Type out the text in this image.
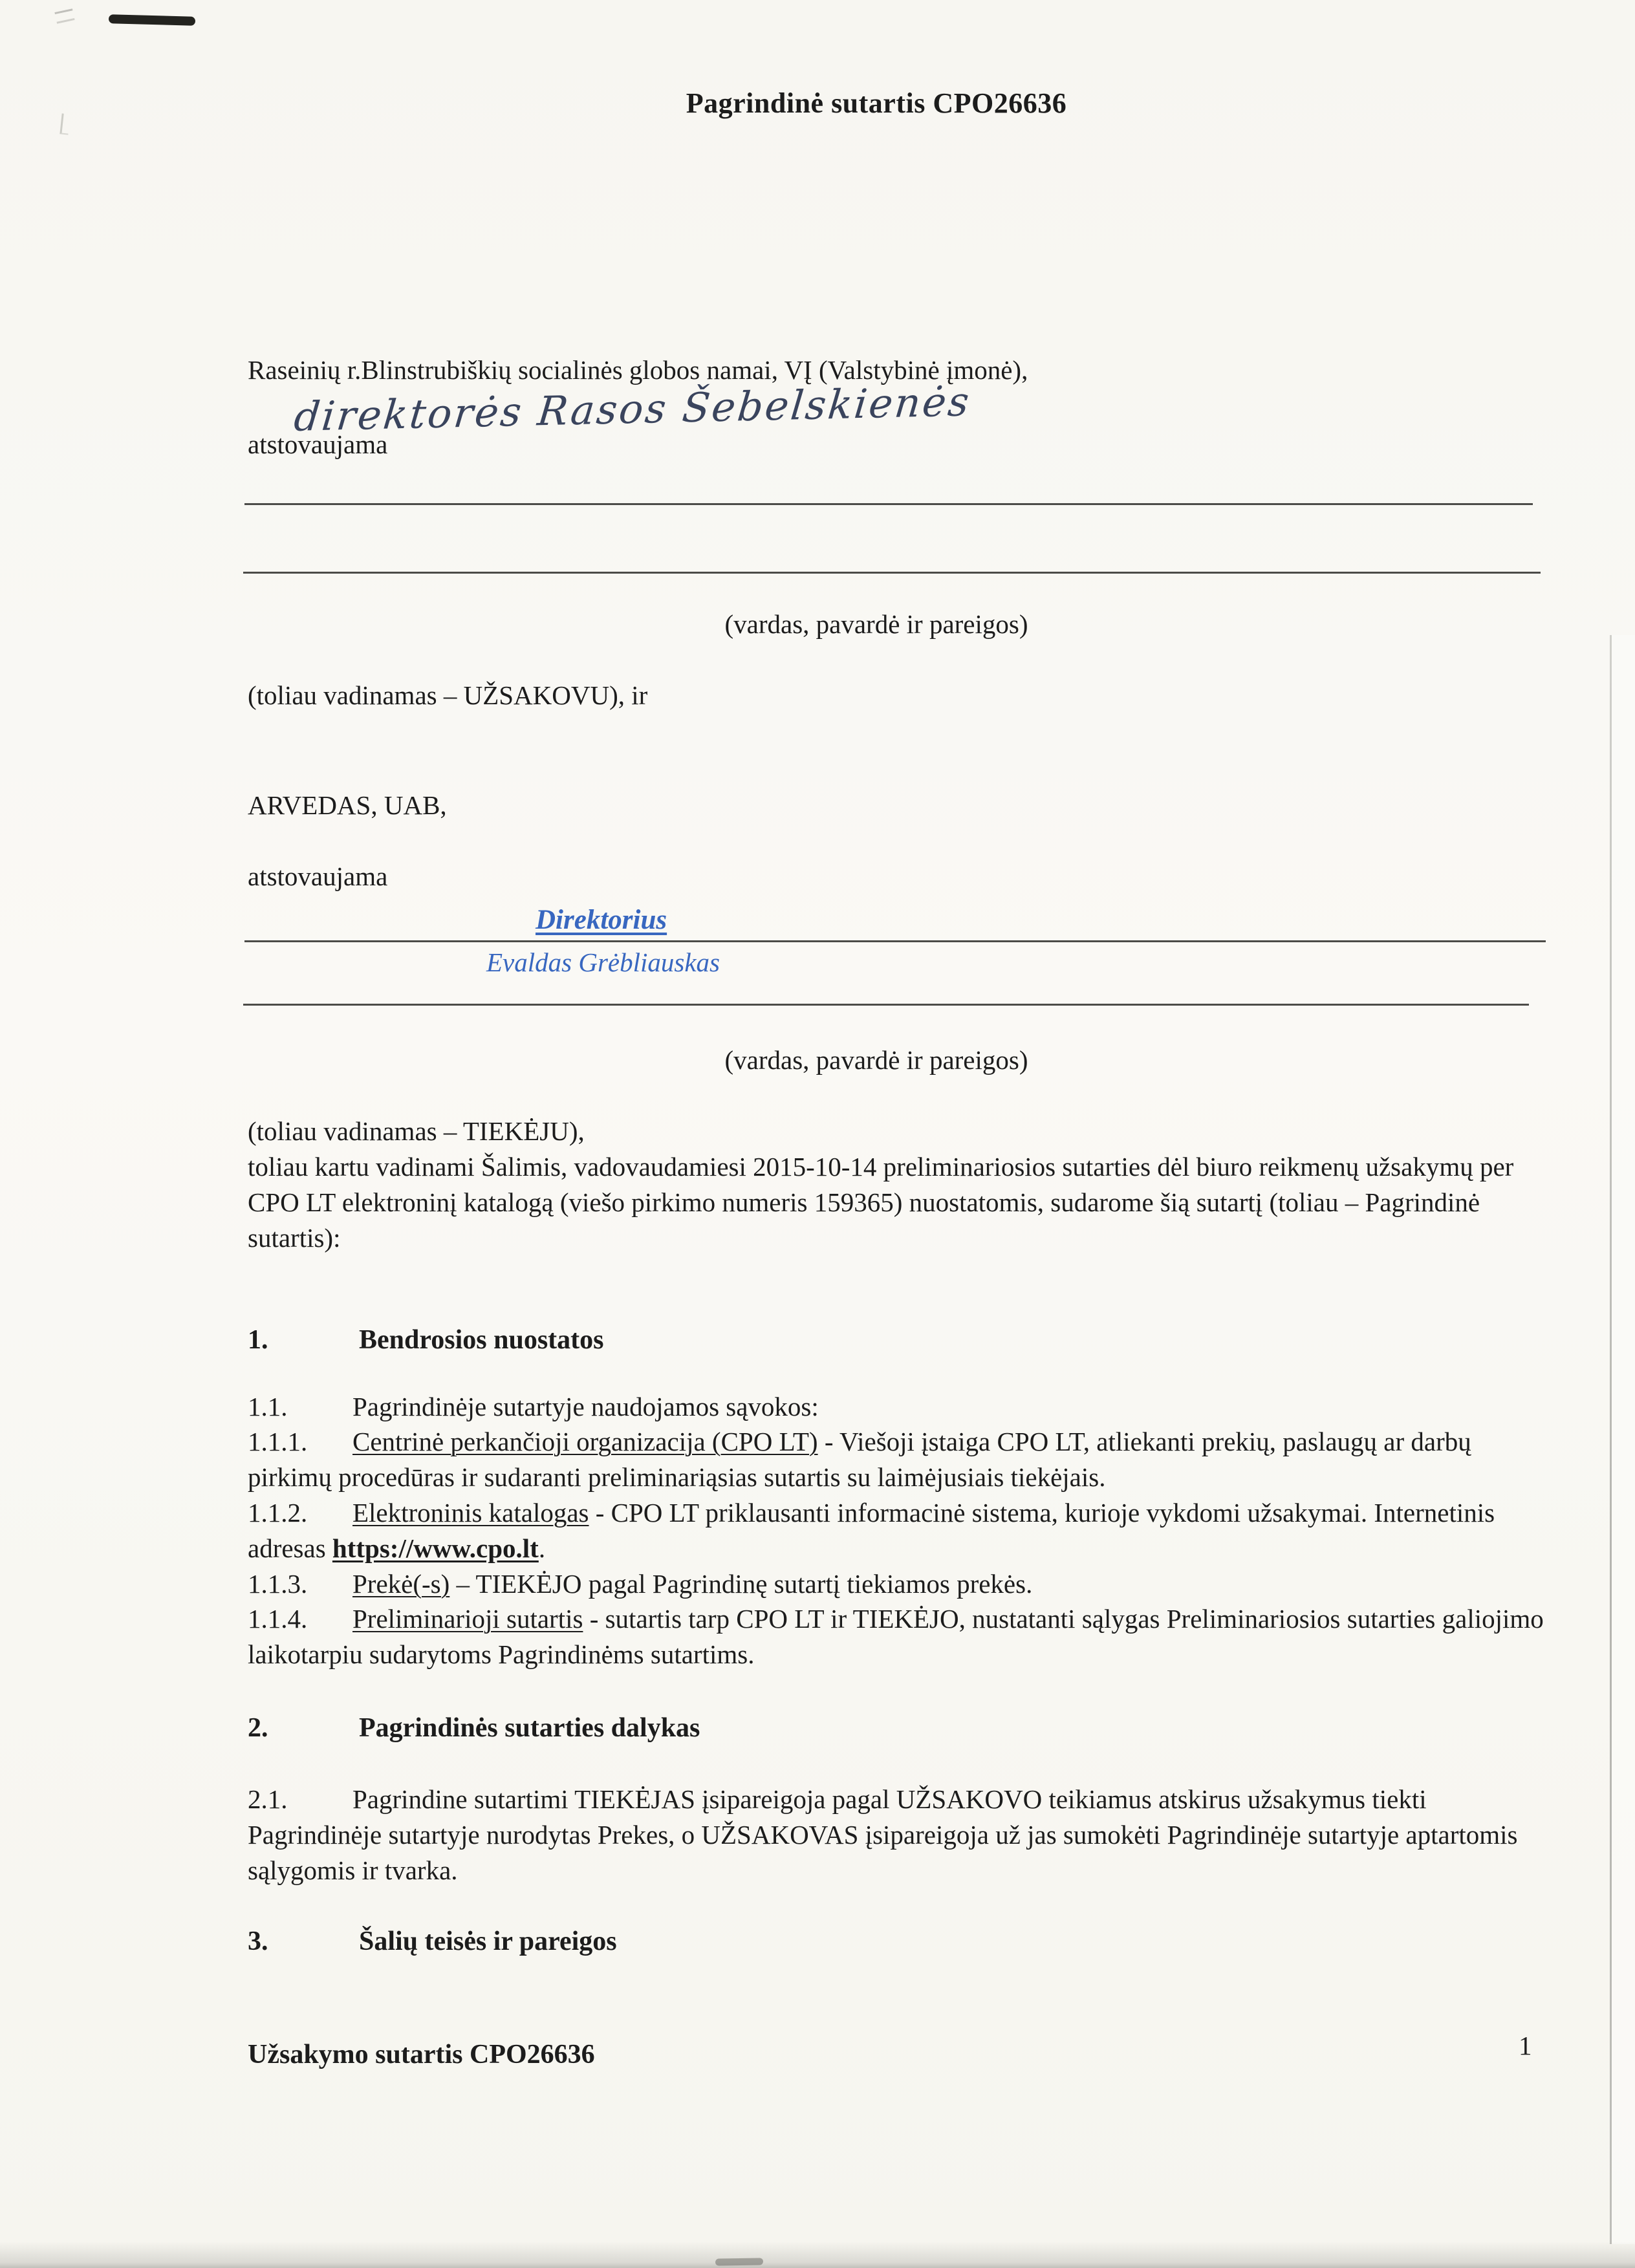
Pagrindinė sutartis CPO26636

Raseinių r.Blinstrubiškių socialinės globos namai, VĮ (Valstybinė įmonė),

atstovaujama

direktorės Rasos Šebelskienės

(vardas, pavardė ir pareigos)

(toliau vadinamas – UŽSAKOVU), ir

ARVEDAS, UAB,

atstovaujama

Direktorius
Evaldas Grėbliauskas

(vardas, pavardė ir pareigos)

(toliau vadinamas – TIEKĖJU),

toliau kartu vadinami Šalimis, vadovaudamiesi 2015-10-14 preliminariosios sutarties dėl biuro reikmenų užsakymų per CPO LT elektroninį katalogą (viešo pirkimo numeris 159365) nuostatomis, sudarome šią sutartį (toliau – Pagrindinė sutartis):

1.	Bendrosios nuostatos

1.1. Pagrindinėje sutartyje naudojamos sąvokos:

1.1.1. Centrinė perkančioji organizacija (CPO LT) - Viešoji įstaiga CPO LT, atliekanti prekių, paslaugų ar darbų pirkimų procedūras ir sudaranti preliminariąsias sutartis su laimėjusiais tiekėjais.

1.1.2. Elektroninis katalogas - CPO LT priklausanti informacinė sistema, kurioje vykdomi užsakymai. Internetinis adresas https://www.cpo.lt.

1.1.3. Prekė(-s) – TIEKĖJO pagal Pagrindinę sutartį tiekiamos prekės.

1.1.4. Preliminarioji sutartis - sutartis tarp CPO LT ir TIEKĖJO, nustatanti sąlygas Preliminariosios sutarties galiojimo laikotarpiu sudarytoms Pagrindinėms sutartims.

2.	Pagrindinės sutarties dalykas

2.1. Pagrindine sutartimi TIEKĖJAS įsipareigoja pagal UŽSAKOVO teikiamus atskirus užsakymus tiekti Pagrindinėje sutartyje nurodytas Prekes, o UŽSAKOVAS įsipareigoja už jas sumokėti Pagrindinėje sutartyje aptartomis sąlygomis ir tvarka.

3.	Šalių teisės ir pareigos

Užsakymo sutartis CPO26636	1
